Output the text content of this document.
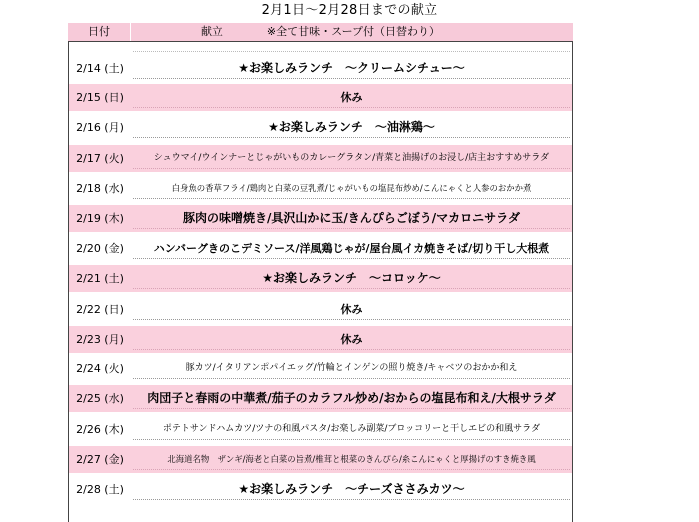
2月1日～2月28日までの献立
日付	献立　　　　※全て甘味・スープ付（日替わり）
2/14 (土)	★お楽しみランチ　～クリームシチュー～
2/15 (日)	休み
2/16 (月)	★お楽しみランチ　～油淋鶏～
2/17 (火)	シュウマイ/ウインナーとじゃがいものカレーグラタン/青菜と油揚げのお浸し/店主おすすめサラダ
2/18 (水)	白身魚の香草フライ/鶏肉と白菜の豆乳煮/じゃがいもの塩昆布炒め/こんにゃくと人参のおかか煮
2/19 (木)	豚肉の味噌焼き/具沢山かに玉/きんぴらごぼう/マカロニサラダ
2/20 (金)	ハンバーグきのこデミソース/洋風鶏じゃが/屋台風イカ焼きそば/切り干し大根煮
2/21 (土)	★お楽しみランチ　～コロッケ～
2/22 (日)	休み
2/23 (月)	休み
2/24 (火)	豚カツ/イタリアンポパイエッグ/竹輪とインゲンの照り焼き/キャベツのおかか和え
2/25 (水)	肉団子と春雨の中華煮/茄子のカラフル炒め/おからの塩昆布和え/大根サラダ
2/26 (木)	ポテトサンドハムカツ/ツナの和風パスタ/お楽しみ副菜/ブロッコリーと干しエビの和風サラダ
2/27 (金)	北海道名物　ザンギ/海老と白菜の旨煮/椎茸と根菜のきんぴら/糸こんにゃくと厚揚げのすき焼き風
2/28 (土)	★お楽しみランチ　～チーズささみカツ～
